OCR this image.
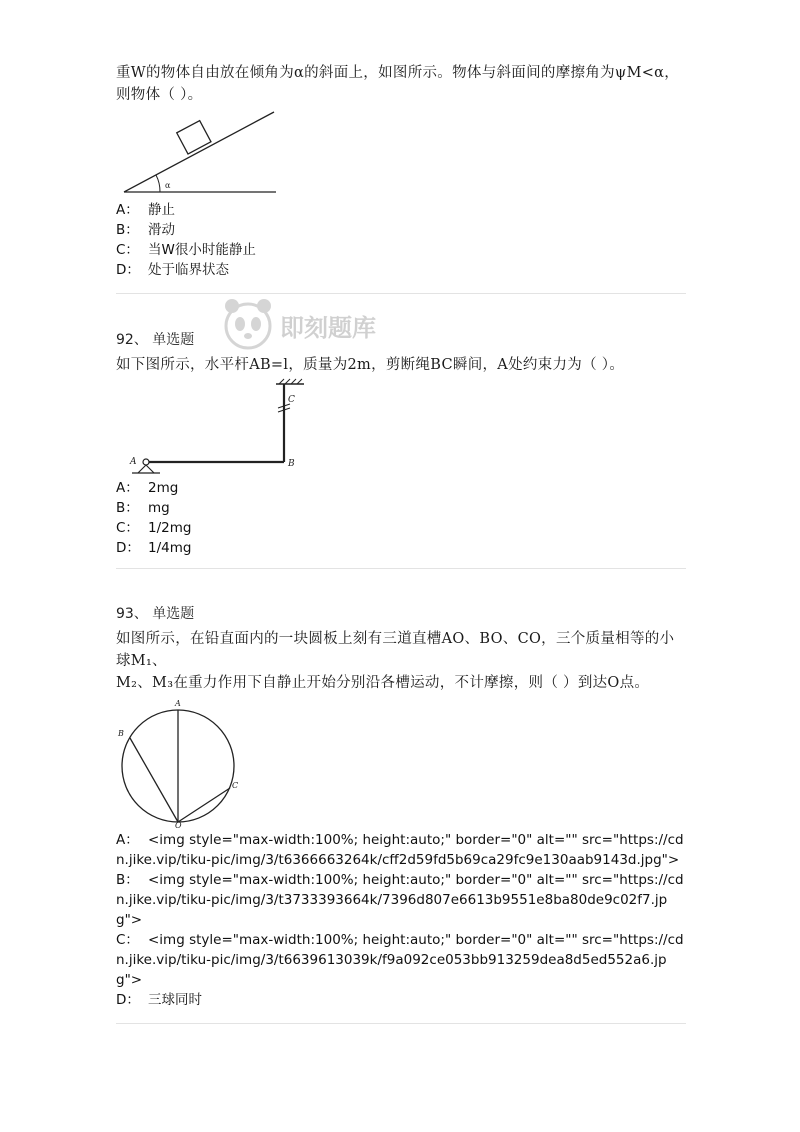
重W的物体自由放在倾角为α的斜面上，如图所示。物体与斜面间的摩擦角为ψM<α，
则物体（ ）。
α
A： 静止
B： 滑动
C： 当W很小时能静止
D： 处于临界状态
即刻题库
92、 单选题
如下图所示，水平杆AB=l，质量为2m，剪断绳BC瞬间，A处约束力为（ ）。
A	B
C
A： 2mg
B： mg
C： 1/2mg
D： 1/4mg
93、 单选题
如图所示，在铅直面内的一块圆板上刻有三道直槽AO、BO、CO，三个质量相等的小球M₁、
M₂、M₃在重力作用下自静止开始分别沿各槽运动，不计摩擦，则（ ）到达O点。
A
B
C
O
A： <img style="max-width:100%; height:auto;" border="0" alt="" src="https://cdn.jike.vip/tiku-pic/img/3/t6366663264k/cff2d59fd5b69ca29fc9e130aab9143d.jpg">
B： <img style="max-width:100%; height:auto;" border="0" alt="" src="https://cdn.jike.vip/tiku-pic/img/3/t3733393664k/7396d807e6613b9551e8ba80de9c02f7.jpg">
C： <img style="max-width:100%; height:auto;" border="0" alt="" src="https://cdn.jike.vip/tiku-pic/img/3/t6639613039k/f9a092ce053bb913259dea8d5ed552a6.jpg">
D： 三球同时
